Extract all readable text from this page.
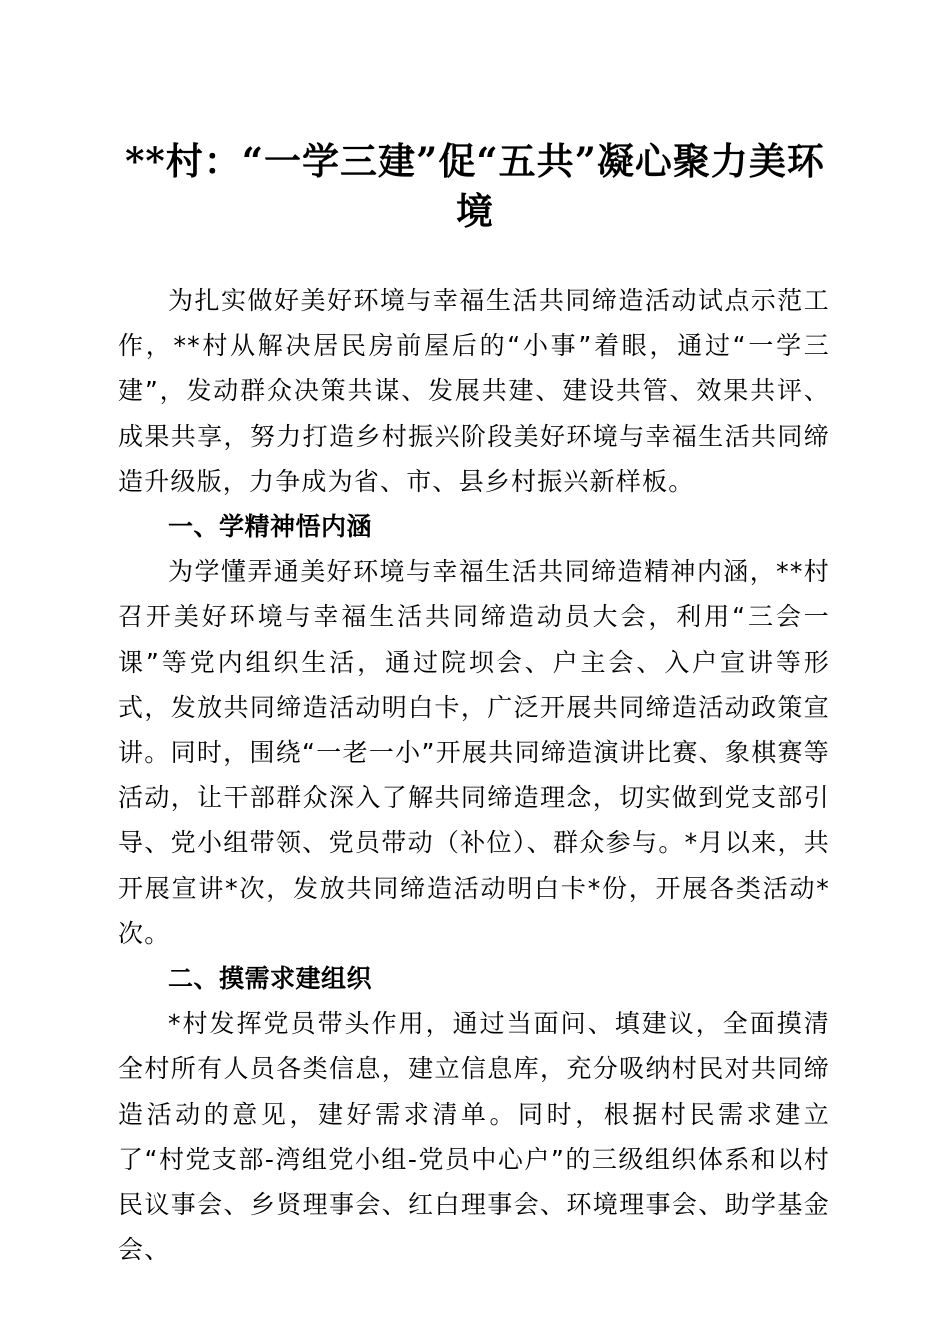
**村：“一学三建”促“五共”凝心聚力美环境

为扎实做好美好环境与幸福生活共同缔造活动试点示范工作，**村从解决居民房前屋后的“小事”着眼，通过“一学三建”，发动群众决策共谋、发展共建、建设共管、效果共评、成果共享，努力打造乡村振兴阶段美好环境与幸福生活共同缔造升级版，力争成为省、市、县乡村振兴新样板。

一、学精神悟内涵

为学懂弄通美好环境与幸福生活共同缔造精神内涵，**村召开美好环境与幸福生活共同缔造动员大会，利用“三会一课”等党内组织生活，通过院坝会、户主会、入户宣讲等形式，发放共同缔造活动明白卡，广泛开展共同缔造活动政策宣讲。同时，围绕“一老一小”开展共同缔造演讲比赛、象棋赛等活动，让干部群众深入了解共同缔造理念，切实做到党支部引导、党小组带领、党员带动（补位）、群众参与。*月以来，共开展宣讲*次，发放共同缔造活动明白卡*份，开展各类活动*次。

二、摸需求建组织

*村发挥党员带头作用，通过当面问、填建议，全面摸清全村所有人员各类信息，建立信息库，充分吸纳村民对共同缔造活动的意见，建好需求清单。同时，根据村民需求建立了“村党支部-湾组党小组-党员中心户”的三级组织体系和以村民议事会、乡贤理事会、红白理事会、环境理事会、助学基金会、
